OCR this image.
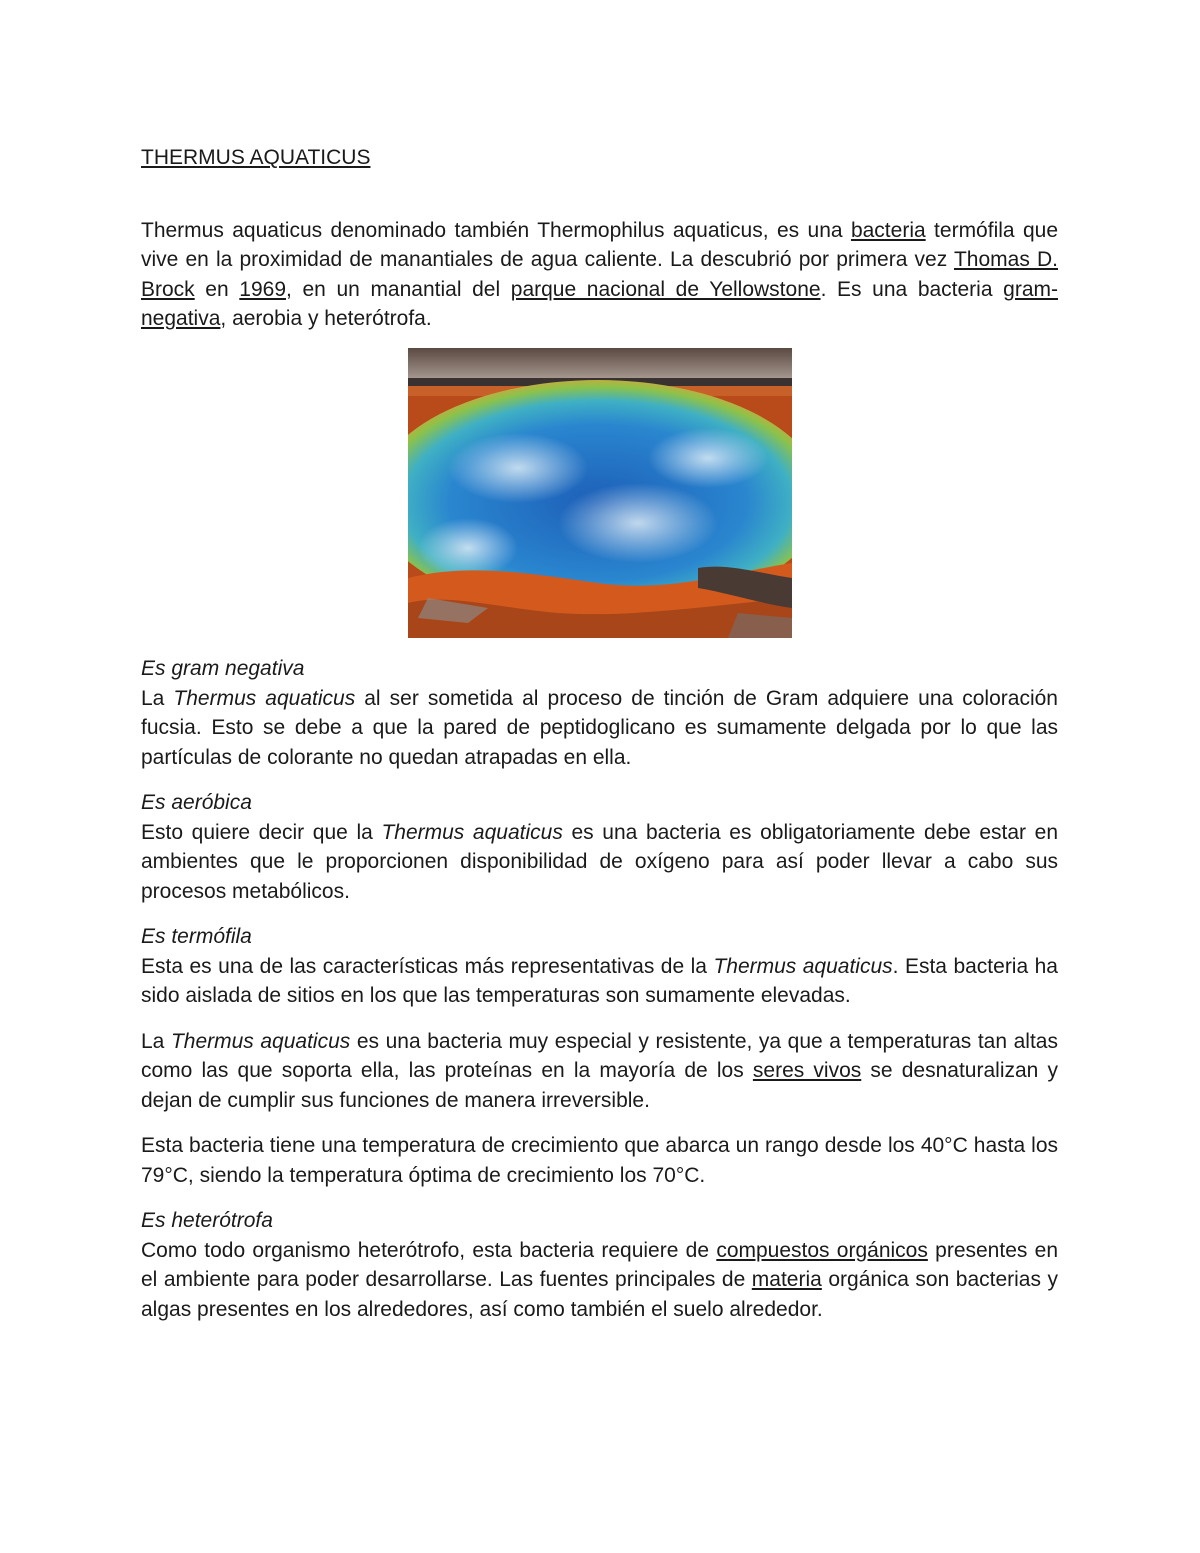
THERMUS AQUATICUS

Thermus aquaticus denominado también Thermophilus aquaticus, es una bacteria termófila que vive en la proximidad de manantiales de agua caliente. La descubrió por primera vez Thomas D. Brock en 1969, en un manantial del parque nacional de Yellowstone. Es una bacteria gram-negativa, aerobia y heterótrofa.

Es gram negativa

La Thermus aquaticus al ser sometida al proceso de tinción de Gram adquiere una coloración fucsia. Esto se debe a que la pared de peptidoglicano es sumamente delgada por lo que las partículas de colorante no quedan atrapadas en ella.

Es aeróbica

Esto quiere decir que la Thermus aquaticus es una bacteria es obligatoriamente debe estar en ambientes que le proporcionen disponibilidad de oxígeno para así poder llevar a cabo sus procesos metabólicos.

Es termófila

Esta es una de las características más representativas de la Thermus aquaticus. Esta bacteria ha sido aislada de sitios en los que las temperaturas son sumamente elevadas.

La Thermus aquaticus es una bacteria muy especial y resistente, ya que a temperaturas tan altas como las que soporta ella, las proteínas en la mayoría de los seres vivos se desnaturalizan y dejan de cumplir sus funciones de manera irreversible.

Esta bacteria tiene una temperatura de crecimiento que abarca un rango desde los 40°C hasta los 79°C, siendo la temperatura óptima de crecimiento los 70°C.

Es heterótrofa

Como todo organismo heterótrofo, esta bacteria requiere de compuestos orgánicos presentes en el ambiente para poder desarrollarse. Las fuentes principales de materia orgánica son bacterias y algas presentes en los alrededores, así como también el suelo alrededor.
